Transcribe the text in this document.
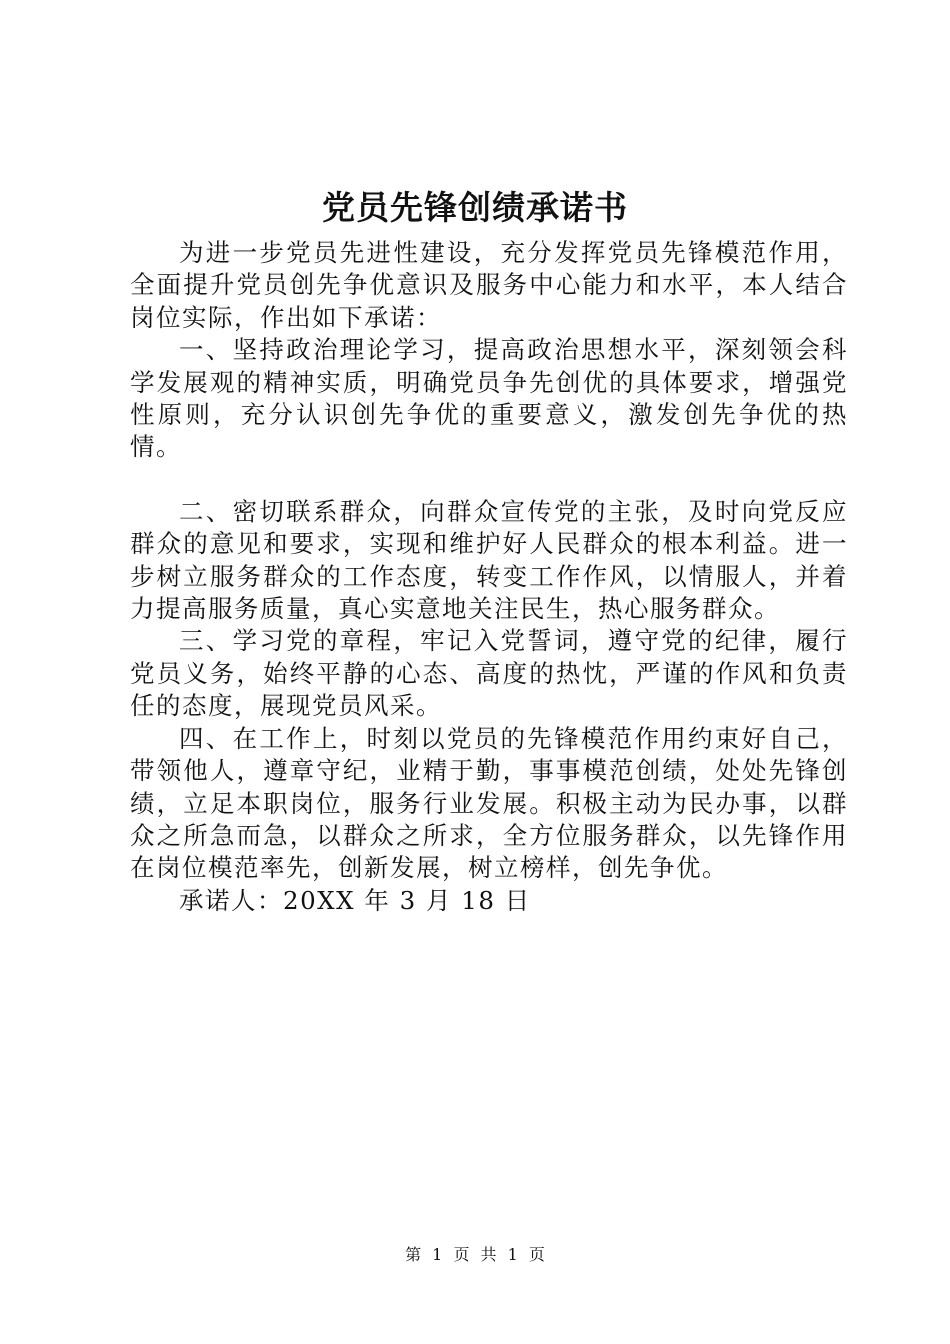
党员先锋创绩承诺书

为进一步党员先进性建设，充分发挥党员先锋模范作用，全面提升党员创先争优意识及服务中心能力和水平，本人结合岗位实际，作出如下承诺：

一、坚持政治理论学习，提高政治思想水平，深刻领会科学发展观的精神实质，明确党员争先创优的具体要求，增强党性原则，充分认识创先争优的重要意义，激发创先争优的热情。

二、密切联系群众，向群众宣传党的主张，及时向党反应群众的意见和要求，实现和维护好人民群众的根本利益。进一步树立服务群众的工作态度，转变工作作风，以情服人，并着力提高服务质量，真心实意地关注民生，热心服务群众。

三、学习党的章程，牢记入党誓词，遵守党的纪律，履行党员义务，始终平静的心态、高度的热忱，严谨的作风和负责任的态度，展现党员风采。

四、在工作上，时刻以党员的先锋模范作用约束好自己，带领他人，遵章守纪，业精于勤，事事模范创绩，处处先锋创绩，立足本职岗位，服务行业发展。积极主动为民办事，以群众之所急而急，以群众之所求，全方位服务群众，以先锋作用在岗位模范率先，创新发展，树立榜样，创先争优。

承诺人：20XX 年 3 月 18 日

第 1 页 共 1 页
